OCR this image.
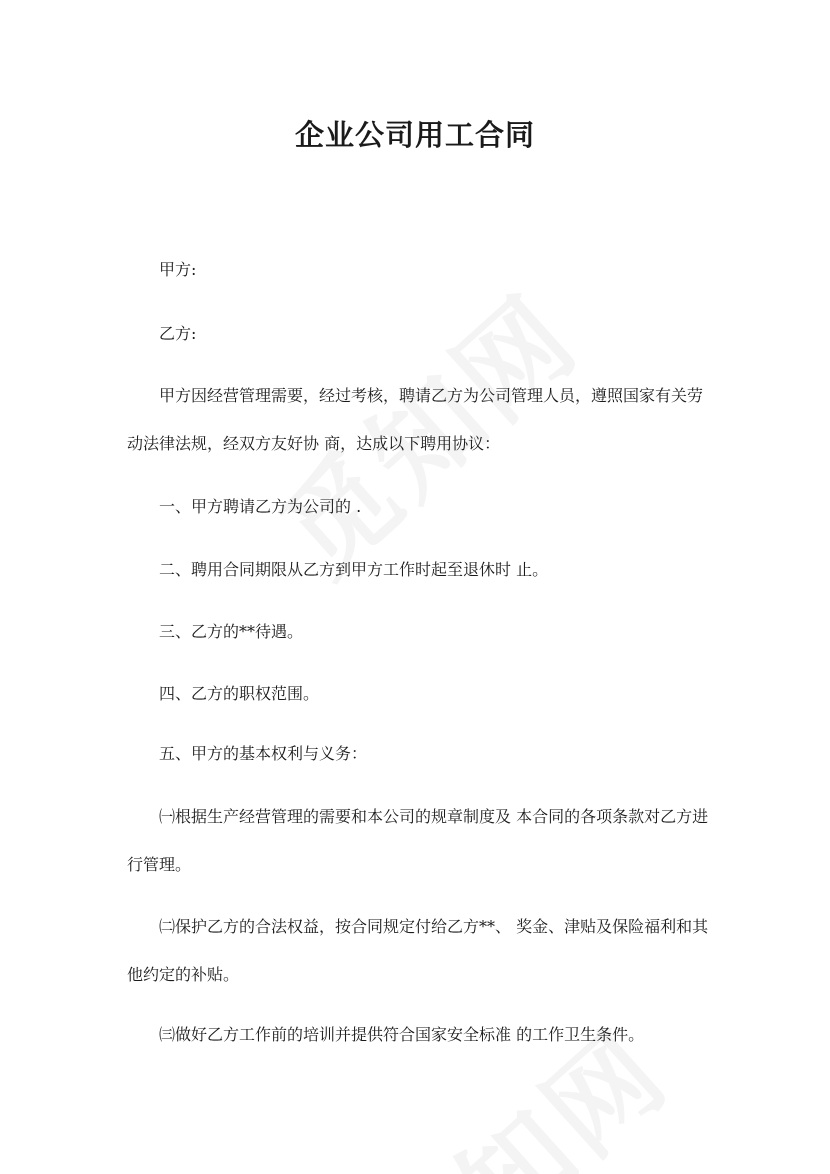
企业公司用工合同

甲方:

乙方:

甲方因经营管理需要，经过考核，聘请乙方为公司管理人员，遵照国家有关劳动法律法规，经双方友好协 商，达成以下聘用协议：

一、甲方聘请乙方为公司的 .

二、聘用合同期限从乙方到甲方工作时起至退休时 止。

三、乙方的**待遇。

四、乙方的职权范围。

五、甲方的基本权利与义务：

㈠根据生产经营管理的需要和本公司的规章制度及 本合同的各项条款对乙方进行管理。

㈡保护乙方的合法权益，按合同规定付给乙方**、 奖金、津贴及保险福利和其他约定的补贴。

㈢做好乙方工作前的培训并提供符合国家安全标准 的工作卫生条件。
